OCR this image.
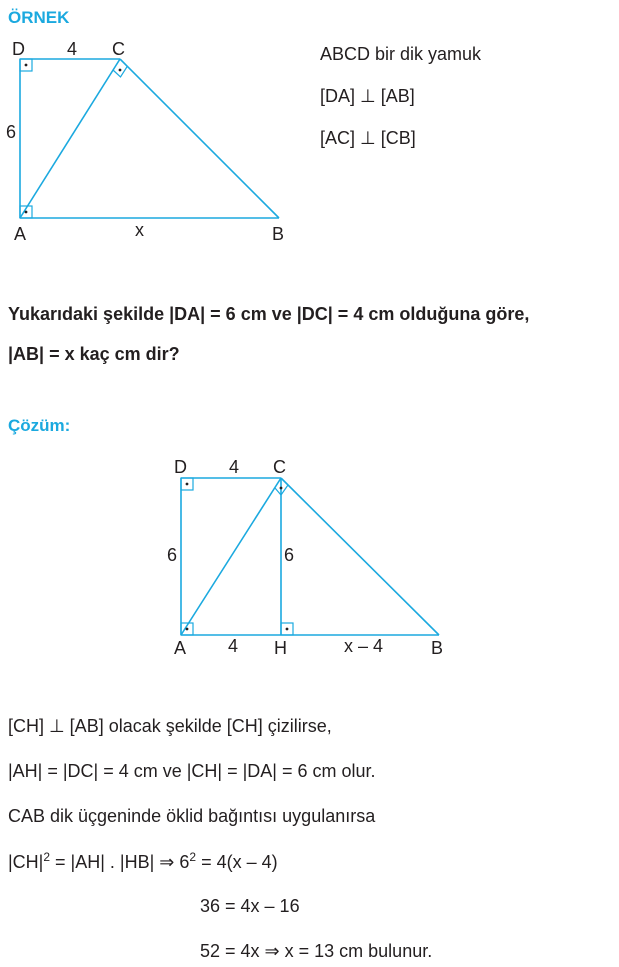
ÖRNEK
D 4 C
6
A	x	B
ABCD bir dik yamuk
[DA] ⊥ [AB]
[AC] ⊥ [CB]
Yukarıdaki şekilde |DA| = 6 cm ve |DC| = 4 cm olduğuna göre,
|AB| = x kaç cm dir?
Çözüm:
D 4 C
6	6
A 4 H	x – 4	B
[CH] ⊥ [AB] olacak şekilde [CH] çizilirse,
|AH| = |DC| = 4 cm ve |CH| = |DA| = 6 cm olur.
CAB dik üçgeninde öklid bağıntısı uygulanırsa
$|CH|^2 = |AH|$ . |HB| ⇒ $6^2 = 4(x - 4)$
36 = 4x – 16
52 = 4x ⇒ x = 13 cm bulunur.
